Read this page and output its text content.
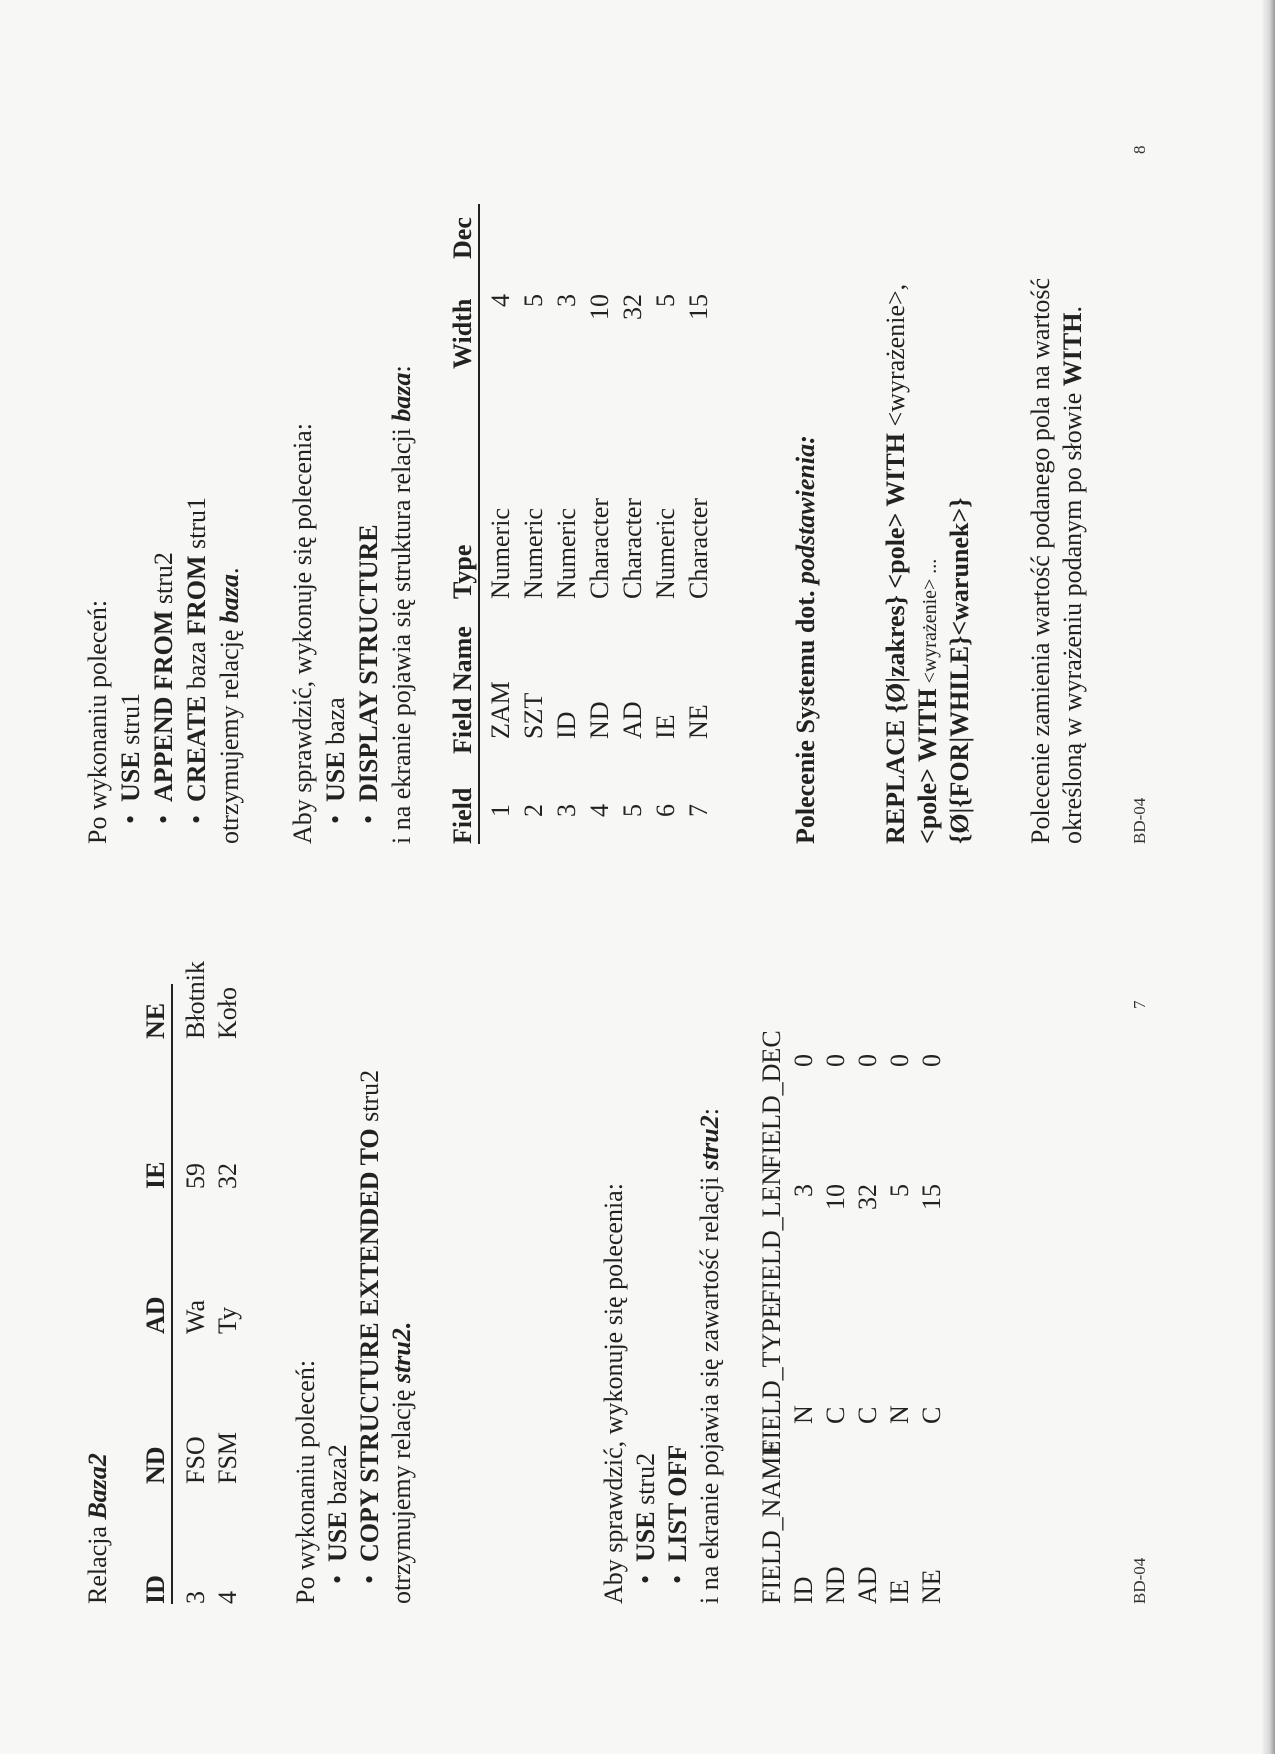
Relacja Baza2
ID
ND
AD
IE
NE
3
FSO
Wa
59
Błotnik
4
FSM
Ty
32
Koło
Po wykonaniu poleceń: •USE baza2
•COPY STRUCTURE EXTENDED TO stru2
otrzymujemy relację stru2.	Aby sprawdzić, wykonuje się polecenia: •USE stru2
•LIST OFF i na ekranie pojawia się zawartość relacji stru2:
FIELD_NAME
FIELD_TYPE
FIELD_LEN
FIELD_DEC
ID
N
3
0
ND
C
10
0
AD
C
32
0
IE
N
5
0
NE
C
15
0
BD-04
7
Po wykonaniu poleceń: •USE stru1
•APPEND FROM stru2
•CREATE baza FROM stru1
otrzymujemy relację baza. Aby sprawdzić, wykonuje się polecenia: •USE baza
•DISPLAY STRUCTURE i na ekranie pojawia się struktura relacji baza:
Field
Field Name
Type
Width
Dec
1
ZAM
Numeric
4
2
SZT
Numeric
5
3
ID
Numeric
3
4
ND
Character
10
5
AD
Character
32
6
IE
Numeric
5
7
NE
Character
15
Polecenie Systemu dot. podstawienia:
REPLACE {Ø|zakres} <pole> WITH <wyrażenie>,
<pole> WITH <wyrażenie> ... {Ø|{FOR|WHILE}<warunek>} Polecenie zamienia wartość podanego pola na wartość określoną w wyrażeniu podanym po słowie WITH.
BD-04
8
